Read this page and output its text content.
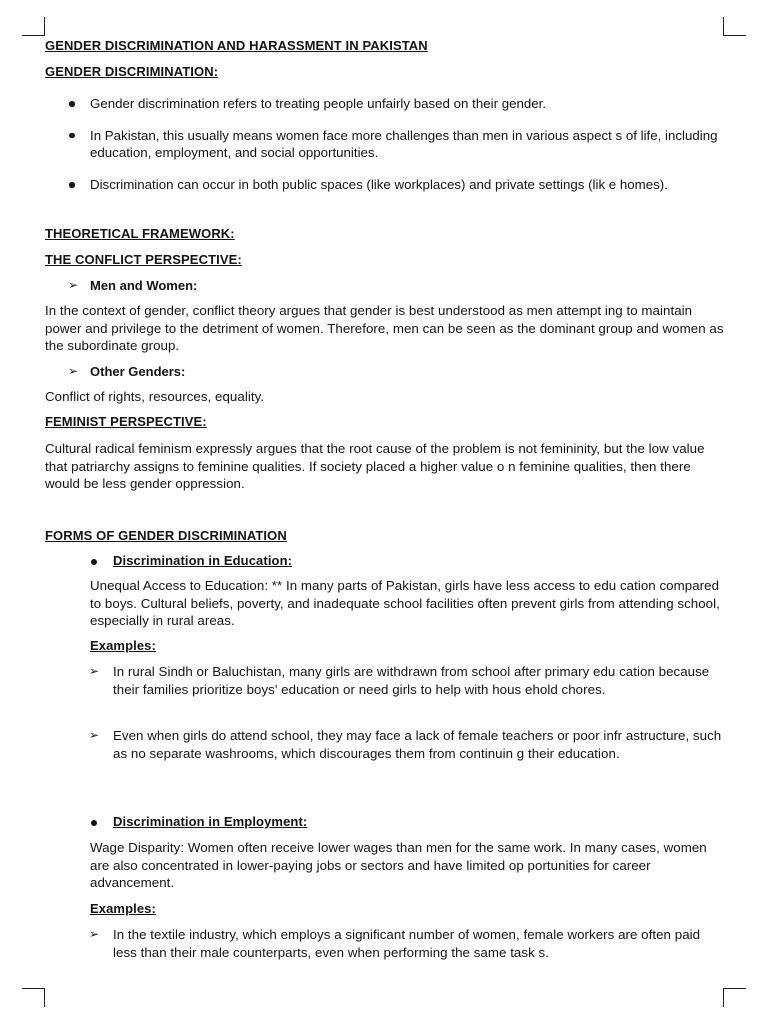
GENDER DISCRIMINATION AND HARASSMENT IN PAKISTAN
GENDER DISCRIMINATION:
Gender discrimination refers to treating people unfairly based on their gender.
In Pakistan, this usually means women face more challenges than men in various aspect s of life, including education, employment, and social opportunities.
Discrimination can occur in both public spaces (like workplaces) and private settings (lik e homes).
THEORETICAL FRAMEWORK:
THE CONFLICT PERSPECTIVE:
➢ Men and Women:

In the context of gender, conflict theory argues that gender is best understood as men attempt ing to maintain power and privilege to the detriment of women. Therefore, men can be seen as the dominant group and women as the subordinate group.

➢ Other Genders:

Conflict of rights, resources, equality.

FEMINIST PERSPECTIVE:

Cultural radical feminism expressly argues that the root cause of the problem is not femininity, but the low value that patriarchy assigns to feminine qualities. If society placed a higher value o n feminine qualities, then there would be less gender oppression.

FORMS OF GENDER DISCRIMINATION
Discrimination in Education:

Unequal Access to Education: ** In many parts of Pakistan, girls have less access to edu cation compared to boys. Cultural beliefs, poverty, and inadequate school facilities often prevent girls from attending school, especially in rural areas.

Examples:
➢ In rural Sindh or Baluchistan, many girls are withdrawn from school after primary edu cation because their families prioritize boys' education or need girls to help with hous ehold chores.

➢ Even when girls do attend school, they may face a lack of female teachers or poor infr astructure, such as no separate washrooms, which discourages them from continuin g their education.

Discrimination in Employment:

Wage Disparity: Women often receive lower wages than men for the same work. In many cases, women are also concentrated in lower-paying jobs or sectors and have limited op portunities for career advancement.

Examples:
➢ In the textile industry, which employs a significant number of women, female workers are often paid less than their male counterparts, even when performing the same task s.
